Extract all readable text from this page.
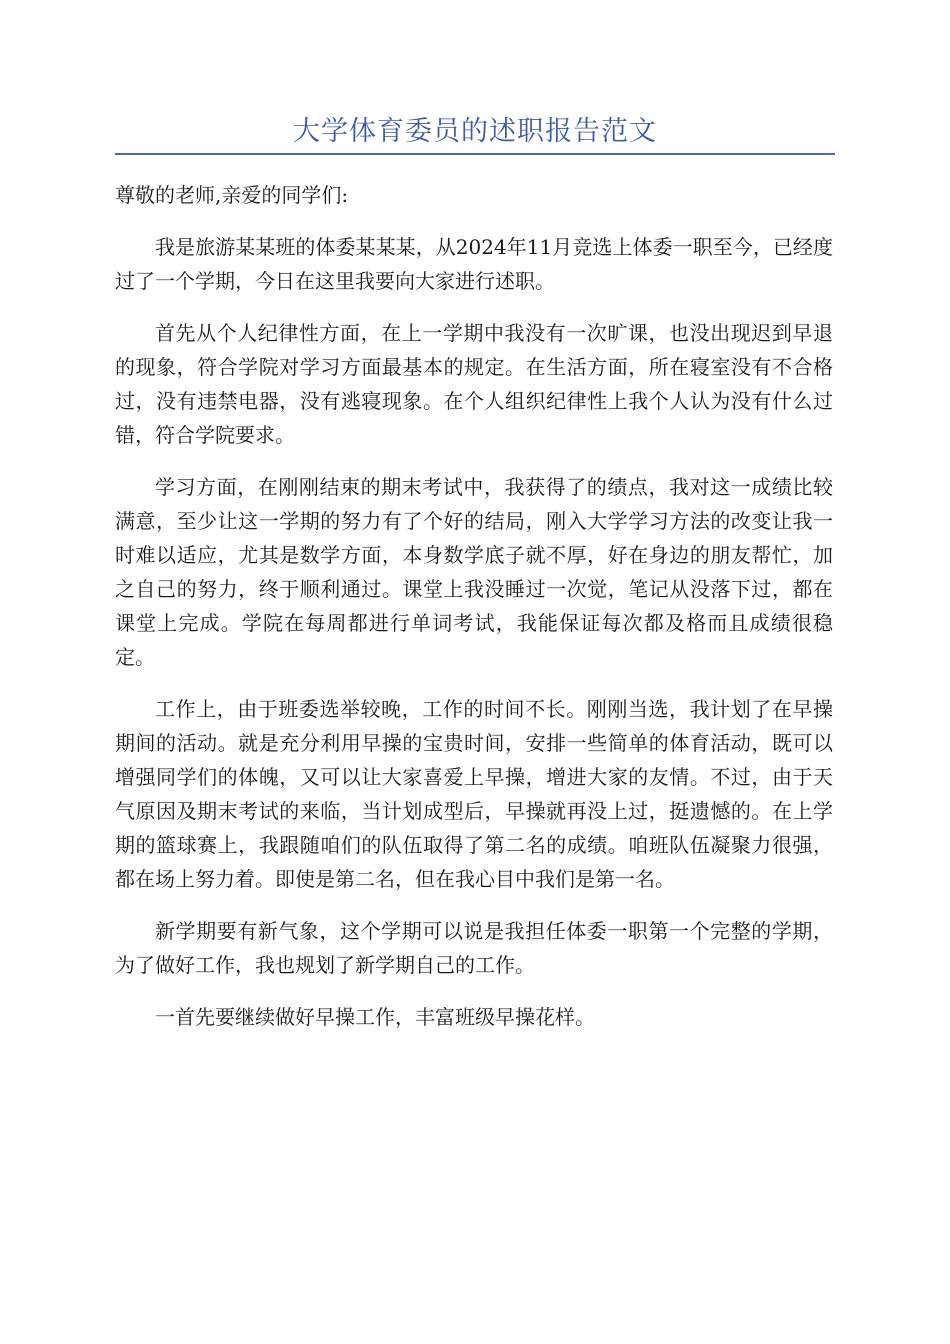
大学体育委员的述职报告范文

尊敬的老师,亲爱的同学们:

我是旅游某某班的体委某某某，从2024年11月竞选上体委一职至今，已经度过了一个学期，今日在这里我要向大家进行述职。

首先从个人纪律性方面，在上一学期中我没有一次旷课，也没出现迟到早退的现象，符合学院对学习方面最基本的规定。在生活方面，所在寝室没有不合格过，没有违禁电器，没有逃寝现象。在个人组织纪律性上我个人认为没有什么过错，符合学院要求。

学习方面，在刚刚结束的期末考试中，我获得了的绩点，我对这一成绩比较满意，至少让这一学期的努力有了个好的结局，刚入大学学习方法的改变让我一时难以适应，尤其是数学方面，本身数学底子就不厚，好在身边的朋友帮忙，加之自己的努力，终于顺利通过。课堂上我没睡过一次觉，笔记从没落下过，都在课堂上完成。学院在每周都进行单词考试，我能保证每次都及格而且成绩很稳定。

工作上，由于班委选举较晚，工作的时间不长。刚刚当选，我计划了在早操期间的活动。就是充分利用早操的宝贵时间，安排一些简单的体育活动，既可以增强同学们的体魄，又可以让大家喜爱上早操，增进大家的友情。不过，由于天气原因及期末考试的来临，当计划成型后，早操就再没上过，挺遗憾的。在上学期的篮球赛上，我跟随咱们的队伍取得了第二名的成绩。咱班队伍凝聚力很强，都在场上努力着。即使是第二名，但在我心目中我们是第一名。

新学期要有新气象，这个学期可以说是我担任体委一职第一个完整的学期，为了做好工作，我也规划了新学期自己的工作。

一首先要继续做好早操工作，丰富班级早操花样。
